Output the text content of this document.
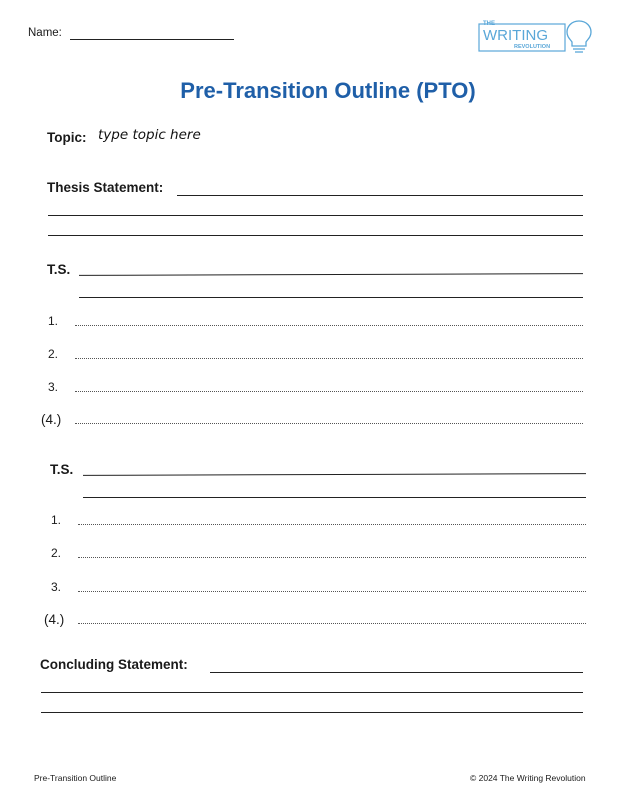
Name:
THE
WRITING
REVOLUTION
Pre-Transition Outline (PTO)
Topic: type topic here
Thesis Statement:
T.S.
1.
2.
3.
(4.)
T.S.
1.
2.
3.
(4.)
Concluding Statement:
Pre-Transition Outline	© 2024 The Writing Revolution
